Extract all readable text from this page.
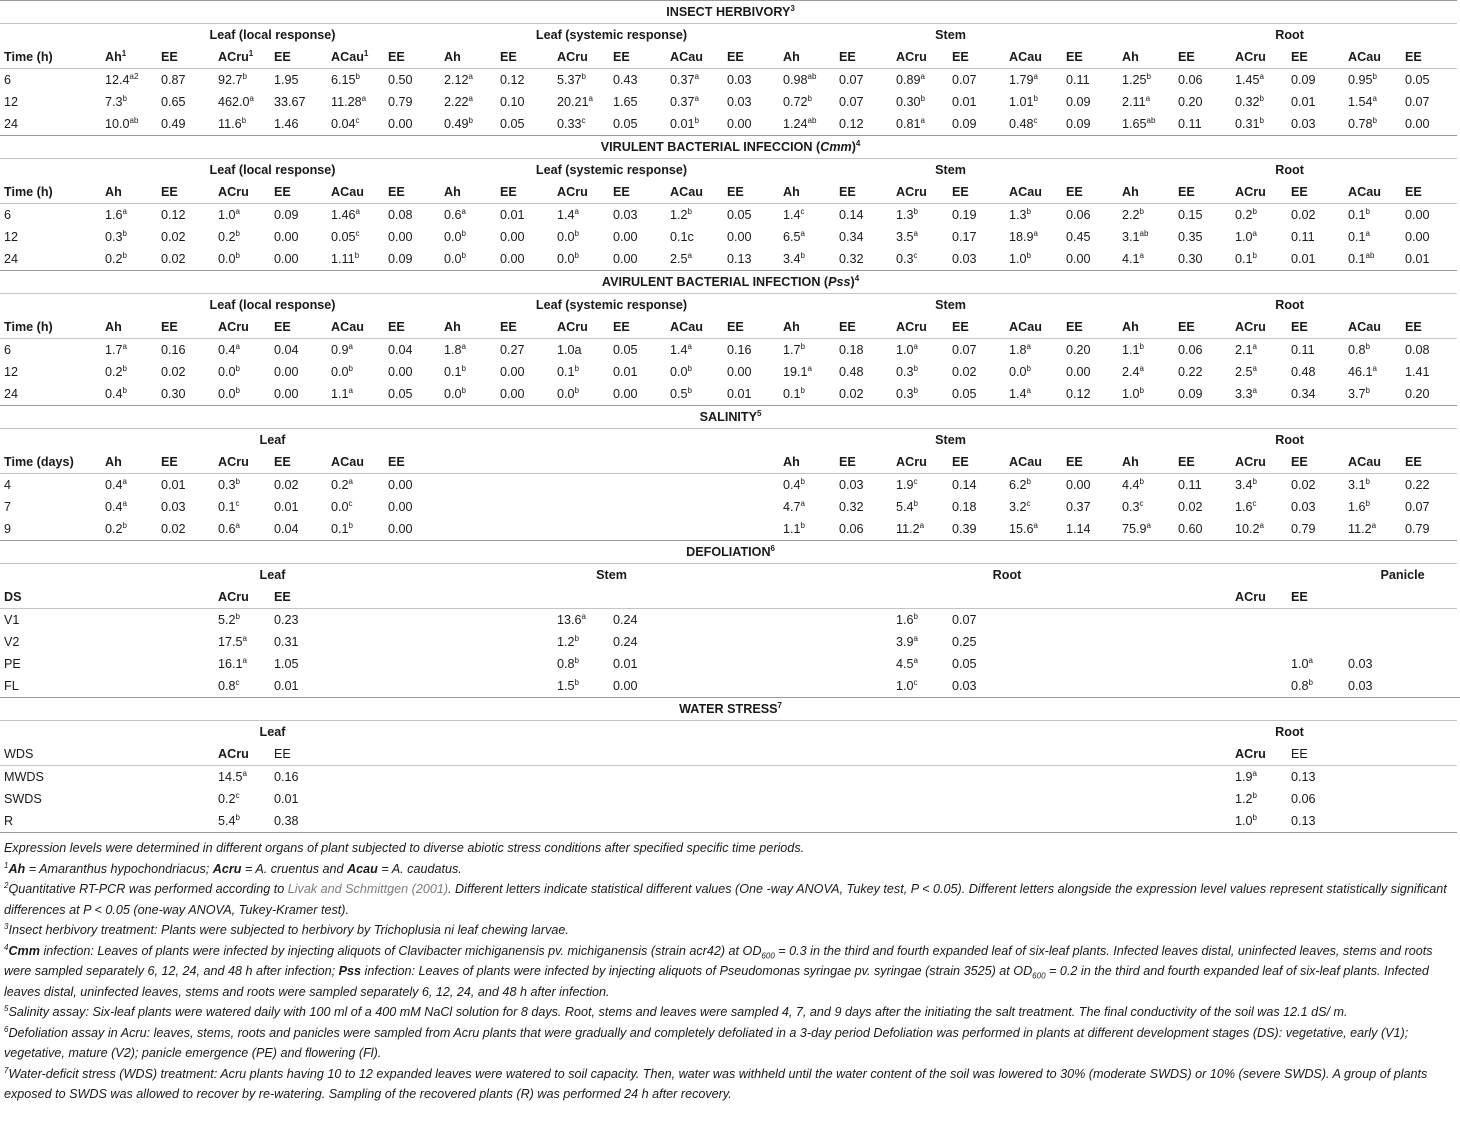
INSECT HERBIVORY$^3$
	Leaf (local response)						Leaf (systemic response)						Stem						Root					
Time (h)	Ah$^1$	EE	ACru$^1$	EE	ACau$^1$	EE	Ah	EE	ACru	EE	ACau	EE	Ah	EE	ACru	EE	ACau	EE	Ah	EE	ACru	EE	ACau	EE
6	$12.4^{a2}$	0.87	92.7$^b$	1.95	6.15$^b$	0.50	2.12$^a$	0.12	5.37$^b$	0.43	0.37$^a$	0.03	0.98$^{ab}$	0.07	0.89$^a$	0.07	1.79$^a$	0.11	1.25$^b$	0.06	1.45$^a$	0.09	0.95$^b$	0.05
12	7.3$^b$	0.65	462.0$^a$	33.67	11.28$^a$	0.79	2.22$^a$	0.10	20.21$^a$	1.65	0.37$^a$	0.03	0.72$^b$	0.07	0.30$^b$	0.01	1.01$^b$	0.09	2.11$^a$	0.20	0.32$^b$	0.01	1.54$^a$	0.07
24	10.0$^{ab}$	0.49	11.6$^b$	1.46	0.04$^c$	0.00	0.49$^b$	0.05	0.33$^c$	0.05	0.01$^b$	0.00	1.24$^{ab}$	0.12	0.81$^a$	0.09	0.48$^c$	0.09	1.65$^{ab}$	0.11	0.31$^b$	0.03	0.78$^b$	0.00
VIRULENT BACTERIAL INFECCION (Cmm)$^4$
	Leaf (local response)						Leaf (systemic response)						Stem						Root					
Time (h)	Ah	EE	ACru	EE	ACau	EE	Ah	EE	ACru	EE	ACau	EE	Ah	EE	ACru	EE	ACau	EE	Ah	EE	ACru	EE	ACau	EE
6	1.6$^a$	0.12	1.0$^a$	0.09	1.46$^a$	0.08	0.6$^a$	0.01	1.4$^a$	0.03	1.2$^b$	0.05	1.4$^c$	0.14	1.3$^b$	0.19	1.3$^b$	0.06	2.2$^b$	0.15	0.2$^b$	0.02	0.1$^b$	0.00
12	0.3$^b$	0.02	0.2$^b$	0.00	0.05$^c$	0.00	0.0$^b$	0.00	0.0$^b$	0.00	0.1c	0.00	6.5$^a$	0.34	3.5$^a$	0.17	18.9$^a$	0.45	3.1$^{ab}$	0.35	1.0$^a$	0.11	0.1$^a$	0.00
24	0.2$^b$	0.02	0.0$^b$	0.00	1.11$^b$	0.09	0.0$^b$	0.00	0.0$^b$	0.00	2.5$^a$	0.13	3.4$^b$	0.32	0.3$^c$	0.03	1.0$^b$	0.00	4.1$^a$	0.30	0.1$^b$	0.01	0.1$^{ab}$	0.01
AVIRULENT BACTERIAL INFECTION (Pss)$^4$
	Leaf (local response)						Leaf (systemic response)						Stem						Root					
Time (h)	Ah	EE	ACru	EE	ACau	EE	Ah	EE	ACru	EE	ACau	EE	Ah	EE	ACru	EE	ACau	EE	Ah	EE	ACru	EE	ACau	EE
6	1.7$^a$	0.16	0.4$^a$	0.04	0.9$^a$	0.04	1.8$^a$	0.27	1.0a	0.05	1.4$^a$	0.16	1.7$^b$	0.18	1.0$^a$	0.07	1.8$^a$	0.20	1.1$^b$	0.06	2.1$^a$	0.11	0.8$^b$	0.08
12	0.2$^b$	0.02	0.0$^b$	0.00	0.0$^b$	0.00	0.1$^b$	0.00	0.1$^b$	0.01	0.0$^b$	0.00	19.1$^a$	0.48	0.3$^b$	0.02	0.0$^b$	0.00	2.4$^a$	0.22	2.5$^a$	0.48	46.1$^a$	1.41
24	0.4$^b$	0.30	0.0$^b$	0.00	1.1$^a$	0.05	0.0$^b$	0.00	0.0$^b$	0.00	0.5$^b$	0.01	0.1$^b$	0.02	0.3$^b$	0.05	1.4$^a$	0.12	1.0$^b$	0.09	3.3$^a$	0.34	3.7$^b$	0.20
SALINITY$^5$
	Leaf												Stem						Root					
Time (days)	Ah	EE	ACru	EE	ACau	EE							Ah	EE	ACru	EE	ACau	EE	Ah	EE	ACru	EE	ACau	EE
4	0.4$^a$	0.01	0.3$^b$	0.02	0.2$^a$	0.00							0.4$^b$	0.03	1.9$^c$	0.14	6.2$^b$	0.00	4.4$^b$	0.11	3.4$^b$	0.02	3.1$^b$	0.22
7	0.4$^a$	0.03	0.1$^c$	0.01	0.0$^c$	0.00							4.7$^a$	0.32	5.4$^b$	0.18	3.2$^c$	0.37	0.3$^c$	0.02	1.6$^c$	0.03	1.6$^b$	0.07
9	0.2$^b$	0.02	0.6$^a$	0.04	0.1$^b$	0.00							1.1$^b$	0.06	11.2$^a$	0.39	15.6$^a$	1.14	75.9$^a$	0.60	10.2$^a$	0.79	11.2$^a$	0.79
DEFOLIATION$^6$
			Leaf						Stem							Root							Panicle	
DS			ACru	EE																	ACru	EE		
V1			5.2$^b$	0.23					13.6$^a$	0.24					1.6$^b$	0.07								
V2			17.5$^a$	0.31					1.2$^b$	0.24					3.9$^a$	0.25								
PE			16.1$^a$	1.05					0.8$^b$	0.01					4.5$^a$	0.05						1.0$^a$	0.03	
FL			0.8$^c$	0.01					1.5$^b$	0.00					1.0$^c$	0.03						0.8$^b$	0.03	
WATER STRESS$^7$
			Leaf																		Root			
WDS			ACru	EE																	ACru	EE		
MWDS			14.5$^a$	0.16																	1.9$^a$	0.13		
SWDS			0.2$^c$	0.01																	1.2$^b$	0.06		
R			5.4$^b$	0.38																	1.0$^b$	0.13		

Expression levels were determined in different organs of plant subjected to diverse abiotic stress conditions after specified specific time periods.

$^1$Ah = Amaranthus hypochondriacus; Acru = A. cruentus and Acau = A. caudatus.

$^2$Quantitative RT-PCR was performed according to Livak and Schmittgen (2001). Different letters indicate statistical different values (One -way ANOVA, Tukey test, P < 0.05). Different letters alongside the expression level values represent statistically significant differences at P < 0.05 (one-way ANOVA, Tukey-Kramer test).

$^3$Insect herbivory treatment: Plants were subjected to herbivory by Trichoplusia ni leaf chewing larvae.

$^4$Cmm infection: Leaves of plants were infected by injecting aliquots of Clavibacter michiganensis pv. michiganensis (strain acr42) at $OD_{600} = 0.3$ in the third and fourth expanded leaf of six-leaf plants. Infected leaves distal, uninfected leaves, stems and roots were sampled separately 6, 12, 24, and 48 h after infection; Pss infection: Leaves of plants were infected by injecting aliquots of Pseudomonas syringae pv. syringae (strain 3525) at $OD_{600} = 0.2$ in the third and fourth expanded leaf of six-leaf plants. Infected leaves distal, uninfected leaves, stems and roots were sampled separately 6, 12, 24, and 48 h after infection.

$^5$Salinity assay: Six-leaf plants were watered daily with 100 ml of a 400 mM NaCl solution for 8 days. Root, stems and leaves were sampled 4, 7, and 9 days after the initiating the salt treatment. The final conductivity of the soil was 12.1 dS/ m.

$^6$Defoliation assay in Acru: leaves, stems, roots and panicles were sampled from Acru plants that were gradually and completely defoliated in a 3-day period Defoliation was performed in plants at different development stages (DS): vegetative, early (V1); vegetative, mature (V2); panicle emergence (PE) and flowering (Fl).

$^7$Water-deficit stress (WDS) treatment: Acru plants having 10 to 12 expanded leaves were watered to soil capacity. Then, water was withheld until the water content of the soil was lowered to 30% (moderate SWDS) or 10% (severe SWDS). A group of plants exposed to SWDS was allowed to recover by re-watering. Sampling of the recovered plants (R) was performed 24 h after recovery.
